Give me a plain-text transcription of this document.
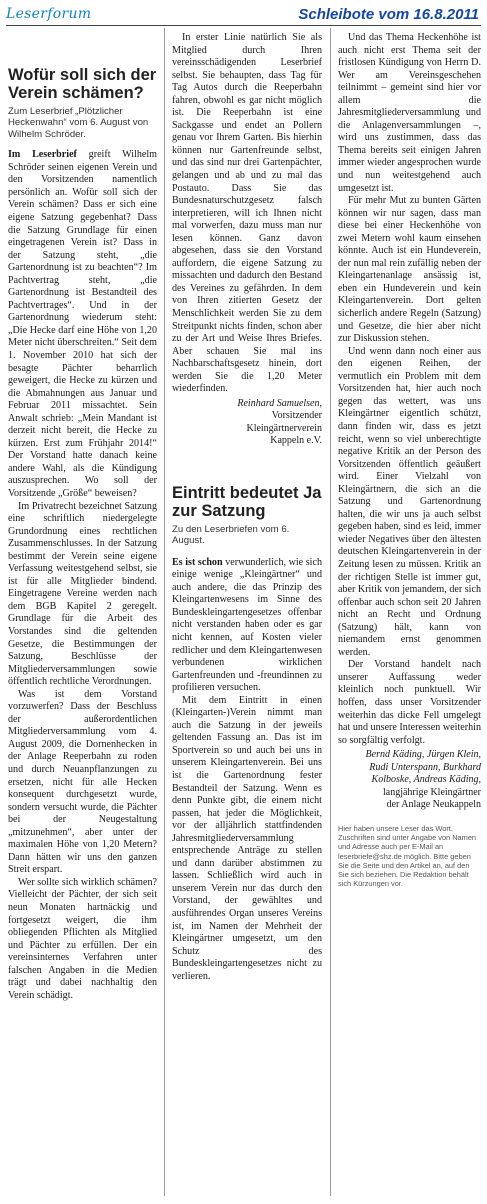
Leserforum	Schleibote vom 16.8.2011
Wofür soll sich der Verein schämen?
Zum Leserbrief „Plötzlicher Heckenwahn“ vom 6. August von Wilhelm Schröder.

Im Leserbrief greift Wilhelm Schröder seinen eigenen Verein und den Vorsitzenden namentlich persönlich an. Wofür soll sich der Verein schämen? Dass er sich eine eigene Satzung gegebenhat? Dass die Satzung Grundlage für einen eingetragenen Verein ist? Dass in der Satzung steht, „die Gartenordnung ist zu beachten“? Im Pachtvertrag steht, „die Gartenordnung ist Bestandteil des Pachtvertrages“. Und in der Gartenordnung wiederum steht: „Die Hecke darf eine Höhe von 1,20 Meter nicht überschreiten.“ Seit dem 1. November 2010 hat sich der besagte Pächter beharrlich geweigert, die Hecke zu kürzen und die Abmahnungen aus Januar und Februar 2011 missachtet. Sein Anwalt schrieb: „Mein Mandant ist derzeit nicht bereit, die Hecke zu kürzen. Erst zum Frühjahr 2014!“ Der Vorstand hatte danach keine andere Wahl, als die Kündigung auszusprechen. Wo soll der Vorsitzende „Größe“ beweisen?

Im Privatrecht bezeichnet Satzung eine schriftlich niedergelegte Grundordnung eines rechtlichen Zusammenschlusses. In der Satzung bestimmt der Verein seine eigene Verfassung weitestgehend selbst, sie ist für alle Mitglieder bindend. Eingetragene Vereine werden nach dem BGB Kapitel 2 geregelt. Grundlage für die Arbeit des Vorstandes sind die geltenden Gesetze, die Bestimmungen der Satzung, Beschlüsse der Mitgliederversammlungen sowie öffentlich rechtliche Verordnungen.

Was ist dem Vorstand vorzuwerfen? Dass der Beschluss der außerordentlichen Mitgliederversammlung vom 4. August 2009, die Dornenhecken in der Anlage Reeperbahn zu roden und durch Neuanpflanzungen zu ersetzen, nicht für alle Hecken konsequent durchgesetzt wurde, sondern versucht wurde, die Pächter bei der Neugestaltung „mitzunehmen“, aber unter der maximalen Höhe von 1,20 Metern? Dann hätten wir uns den ganzen Streit erspart.

Wer sollte sich wirklich schämen? Vielleicht der Pächter, der sich seit neun Monaten hartnäckig und fortgesetzt weigert, die ihm obliegenden Pflichten als Mitglied und Pächter zu erfüllen. Der ein vereinsinternes Verfahren unter falschen Angaben in die Medien trägt und dabei nachhaltig den Verein schädigt.

In erster Linie natürlich Sie als Mitglied durch Ihren vereinsschädigenden Leserbrief selbst. Sie behaupten, dass Tag für Tag Autos durch die Reeperbahn fahren, obwohl es gar nicht möglich ist. Die Reeperbahn ist eine Sackgasse und endet an Pollern genau vor Ihrem Garten. Bis hierhin können nur Gartenfreunde selbst, und das sind nur drei Gartenpächter, gelangen und ab und zu mal das Postauto. Dass Sie das Bundesnaturschutzgesetz falsch interpretieren, will ich Ihnen nicht mal vorwerfen, dazu muss man nur lesen können. Ganz davon abgesehen, dass sie den Vorstand auffordern, die eigene Satzung zu missachten und dadurch den Bestand des Vereines zu gefährden. In dem von Ihren zitierten Gesetz der Menschlichkeit werden Sie zu dem Streitpunkt nichts finden, schon aber zu der Art und Weise Ihres Briefes. Aber schauen Sie mal ins Nachbarschaftsgesetz hinein, dort werden Sie die 1,20 Meter wiederfinden.

Reinhard Samuelsen,
Vorsitzender
Kleingärtnerverein
Kappeln e.V.
Eintritt bedeutet Ja zur Satzung
Zu den Leserbriefen vom 6. August.

Es ist schon verwunderlich, wie sich einige wenige „Kleingärtner“ und auch andere, die das Prinzip des Kleingartenwesens im Sinne des Bundeskleingartengesetzes offenbar nicht verstanden haben oder es gar nicht kennen, auf Kosten vieler redlicher und dem Kleingartenwesen verbundenen wirklichen Gartenfreunden und -freundinnen zu profilieren versuchen.

Mit dem Eintritt in einen (Kleingarten-)Verein nimmt man auch die Satzung in der jeweils geltenden Fassung an. Das ist im Sportverein so und auch bei uns in unserem Kleingartenverein. Bei uns ist die Gartenordnung fester Bestandteil der Satzung. Wenn es denn Punkte gibt, die einem nicht passen, hat jeder die Möglichkeit, vor der alljährlich stattfindenden Jahresmitgliederversammlung entsprechende Anträge zu stellen und dann darüber abstimmen zu lassen. Schließlich wird auch in unserem Verein nur das durch den Vorstand, der gewähltes und ausführendes Organ unseres Vereins ist, im Namen der Mehrheit der Kleingärtner umgesetzt, um den Schutz des Bundeskleingartengesetzes nicht zu verlieren.

Und das Thema Heckenhöhe ist auch nicht erst Thema seit der fristlosen Kündigung von Herrn D. Wer am Vereinsgeschehen teilnimmt – gemeint sind hier vor allem die Jahresmitgliederversammlung und die Anlagenversammlungen –, wird uns zustimmen, dass das Thema bereits seit einigen Jahren immer wieder angesprochen wurde und nun weitestgehend auch umgesetzt ist.

Für mehr Mut zu bunten Gärten können wir nur sagen, dass man diese bei einer Heckenhöhe von zwei Metern wohl kaum einsehen könnte. Auch ist ein Hundeverein, der nun mal rein zufällig neben der Kleingartenanlage ansässig ist, eben ein Hundeverein und kein Kleingartenverein. Dort gelten sicherlich andere Regeln (Satzung) und Gesetze, die hier aber nicht zur Diskussion stehen.

Und wenn dann noch einer aus den eigenen Reihen, der vermutlich ein Problem mit dem Vorsitzenden hat, hier auch noch gegen das wettert, was uns Kleingärtner eigentlich schützt, dann finden wir, dass es jetzt reicht, wenn so viel unberechtigte negative Kritik an der Person des Vorsitzenden öffentlich geäußert wird. Einer Vielzahl von Kleingärtnern, die sich an die Satzung und Gartenordnung halten, die wir uns ja auch selbst gegeben haben, sind es leid, immer wieder Negatives über den ältesten deutschen Kleingartenverein in der Zeitung lesen zu müssen. Kritik an der richtigen Stelle ist immer gut, aber Kritik von jemandem, der sich offenbar auch schon seit 20 Jahren nicht an Recht und Ordnung (Satzung) hält, kann von niemandem ernst genommen werden.

Der Vorstand handelt nach unserer Auffassung weder kleinlich noch punktuell. Wir hoffen, dass unser Vorsitzender weiterhin das dicke Fell umgelegt hat und unsere Interessen weiterhin so sorgfältig verfolgt.

Bernd Käding, Jürgen Klein,
Rudi Unterspann, Burkhard
Kolboske, Andreas Käding,
langjährige Kleingärtner
der Anlage Neukappeln
Hier haben unsere Leser das Wort. Zuschriften sind unter Angabe von Namen und Adresse auch per E-Mail an leserbriefe@shz.de möglich. Bitte geben Sie die Seite und den Artikel an, auf den Sie sich beziehen. Die Redaktion behält sich Kürzungen vor.
